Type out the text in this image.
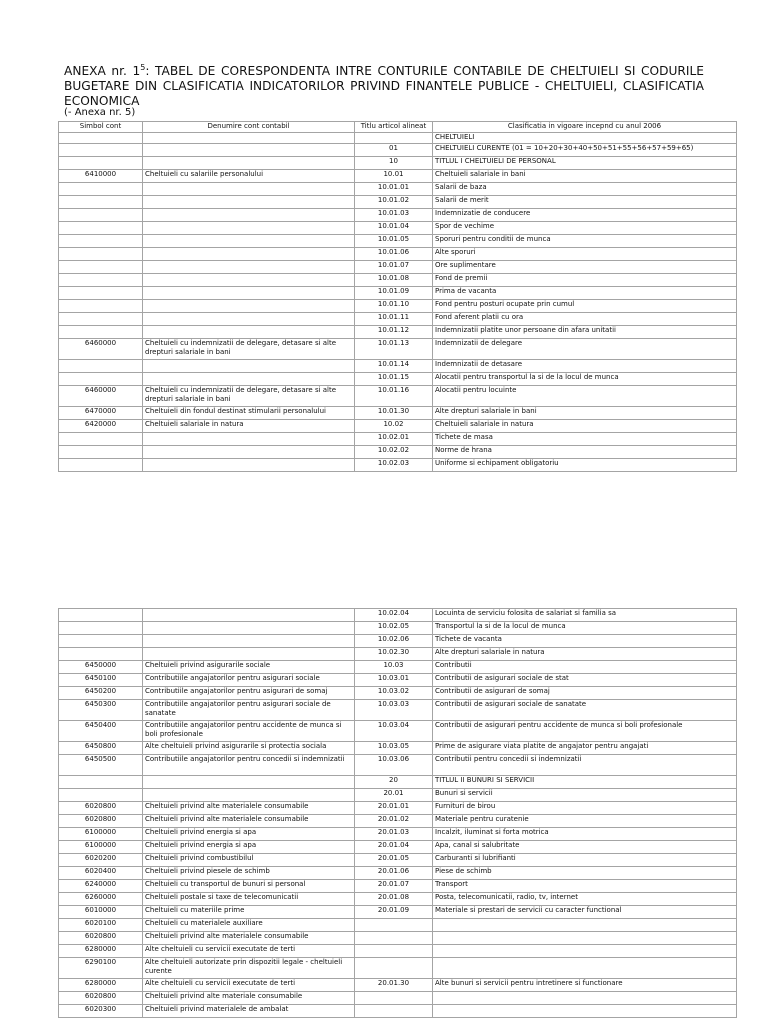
ANEXA nr. $1^5$: TABEL DE CORESPONDENTA INTRE CONTURILE CONTABILE DE CHELTUIELI SI CODURILE BUGETARE DIN CLASIFICATIA INDICATORILOR PRIVIND FINANTELE PUBLICE - CHELTUIELI, CLASIFICATIA ECONOMICA
(- Anexa nr. 5)
Simbol cont	Denumire cont contabil	Titlu articol alineat	Clasificatia in vigoare incepnd cu anul 2006
			CHELTUIELI
		01	CHELTUIELI CURENTE (01 = 10+20+30+40+50+51+55+56+57+59+65)
		10	TITLUL I CHELTUIELI DE PERSONAL
6410000	Cheltuieli cu salariile personalului	10.01	Cheltuieli salariale in bani
		10.01.01	Salarii de baza
		10.01.02	Salarii de merit
		10.01.03	Indemnizatie de conducere
		10.01.04	Spor de vechime
		10.01.05	Sporuri pentru conditii de munca
		10.01.06	Alte sporuri
		10.01.07	Ore suplimentare
		10.01.08	Fond de premii
		10.01.09	Prima de vacanta
		10.01.10	Fond pentru posturi ocupate prin cumul
		10.01.11	Fond aferent platii cu ora
		10.01.12	Indemnizatii platite unor persoane din afara unitatii
6460000	Cheltuieli cu indemnizatii de delegare, detasare si alte drepturi salariale in bani	10.01.13	Indemnizatii de delegare
		10.01.14	Indemnizatii de detasare
		10.01.15	Alocatii pentru transportul la si de la locul de munca
6460000	Cheltuieli cu indemnizatii de delegare, detasare si alte drepturi salariale in bani	10.01.16	Alocatii pentru locuinte
6470000	Cheltuieli din fondul destinat stimularii personalului	10.01.30	Alte drepturi salariale in bani
6420000	Cheltuieli salariale in natura	10.02	Cheltuieli salariale in natura
		10.02.01	Tichete de masa
		10.02.02	Norme de hrana
		10.02.03	Uniforme si echipament obligatoriu
		10.02.04	Locuinta de serviciu folosita de salariat si familia sa
		10.02.05	Transportul la si de la locul de munca
		10.02.06	Tichete de vacanta
		10.02.30	Alte drepturi salariale in natura
6450000	Cheltuieli privind asigurarile sociale	10.03	Contributii
6450100	Contributiile angajatorilor pentru asigurari sociale	10.03.01	Contributii de asigurari sociale de stat
6450200	Contributiile angajatorilor pentru asigurari de somaj	10.03.02	Contributii de asigurari de somaj
6450300	Contributiile angajatorilor pentru asigurari sociale de sanatate	10.03.03	Contributii de asigurari sociale de sanatate
6450400	Contributiile angajatorilor pentru accidente de munca si boli profesionale	10.03.04	Contributii de asigurari pentru accidente de munca si boli profesionale
6450800	Alte cheltuieli privind asigurarile si protectia sociala	10.03.05	Prime de asigurare viata platite de angajator pentru angajati
6450500	Contributiile angajatorilor pentru concedii si indemnizatii	10.03.06	Contributii pentru concedii si indemnizatii
		20	TITLUL II BUNURI SI SERVICII
		20.01	Bunuri si servicii
6020800	Cheltuieli privind alte materialele consumabile	20.01.01	Furnituri de birou
6020800	Cheltuieli privind alte materialele consumabile	20.01.02	Materiale pentru curatenie
6100000	Cheltuieli privind energia si apa	20.01.03	Incalzit, iluminat si forta motrica
6100000	Cheltuieli privind energia si apa	20.01.04	Apa, canal si salubritate
6020200	Cheltuieli privind combustibilul	20.01.05	Carburanti si lubrifianti
6020400	Cheltuieli privind piesele de schimb	20.01.06	Piese de schimb
6240000	Cheltuieli cu transportul de bunuri si personal	20.01.07	Transport
6260000	Cheltuieli postale si taxe de telecomunicatii	20.01.08	Posta, telecomunicatii, radio, tv, internet
6010000	Cheltuieli cu materiile prime	20.01.09	Materiale si prestari de servicii cu caracter functional
6020100	Cheltuieli cu materialele auxiliare		
6020800	Cheltuieli privind alte materialele consumabile		
6280000	Alte cheltuieli cu servicii executate de terti		
6290100	Alte cheltuieli autorizate prin dispozitii legale - cheltuieli curente		
6280000	Alte cheltuieli cu servicii executate de terti	20.01.30	Alte bunuri si servicii pentru intretinere si functionare
6020800	Cheltuieli privind alte materiale consumabile		
6020300	Cheltuieli privind materialele de ambalat		
